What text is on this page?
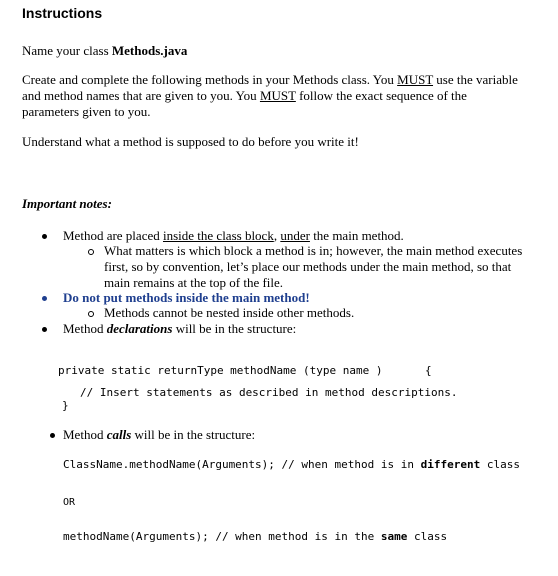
Instructions
Name your class Methods.java
Create and complete the following methods in your Methods class. You MUST use the variable
and method names that are given to you. You MUST follow the exact sequence of the
parameters given to you.
Understand what a method is supposed to do before you write it!
Important notes:
Method are placed inside the class block, under the main method.
What matters is which block a method is in; however, the main method executes
first, so by convention, let’s place our methods under the main method, so that
main remains at the top of the file.
Do not put methods inside the main method!
Methods cannot be nested inside other methods.
Method declarations will be in the structure:
private static returnType methodName (type name )	{
// Insert statements as described in method descriptions.
}
Method calls will be in the structure:
ClassName.methodName(Arguments); // when method is in different class
OR
methodName(Arguments); // when method is in the same class
